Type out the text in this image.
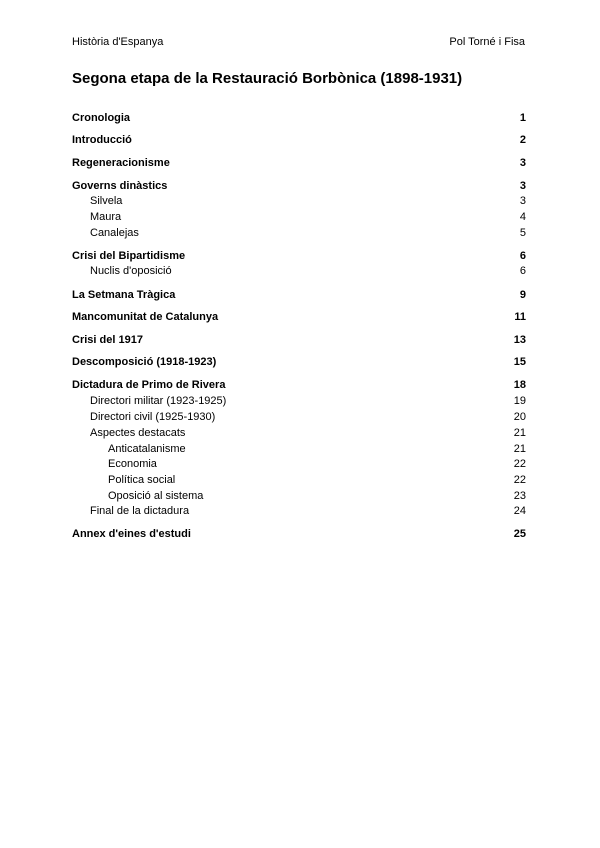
Història d'Espanya	Pol Torné i Fisa
Segona etapa de la Restauració Borbònica (1898-1931)
Cronologia	1
Introducció	2
Regeneracionisme	3
Governs dinàstics	3
Silvela	3
Maura	4
Canalejas	5
Crisi del Bipartidisme	6
Nuclis d'oposició	6
La Setmana Tràgica	9
Mancomunitat de Catalunya	11
Crisi del 1917	13
Descomposició (1918-1923)	15
Dictadura de Primo de Rivera	18
Directori militar (1923-1925)	19
Directori civil (1925-1930)	20
Aspectes destacats	21
Anticatalanisme	21
Economia	22
Política social	22
Oposició al sistema	23
Final de la dictadura	24
Annex d'eines d'estudi	25
